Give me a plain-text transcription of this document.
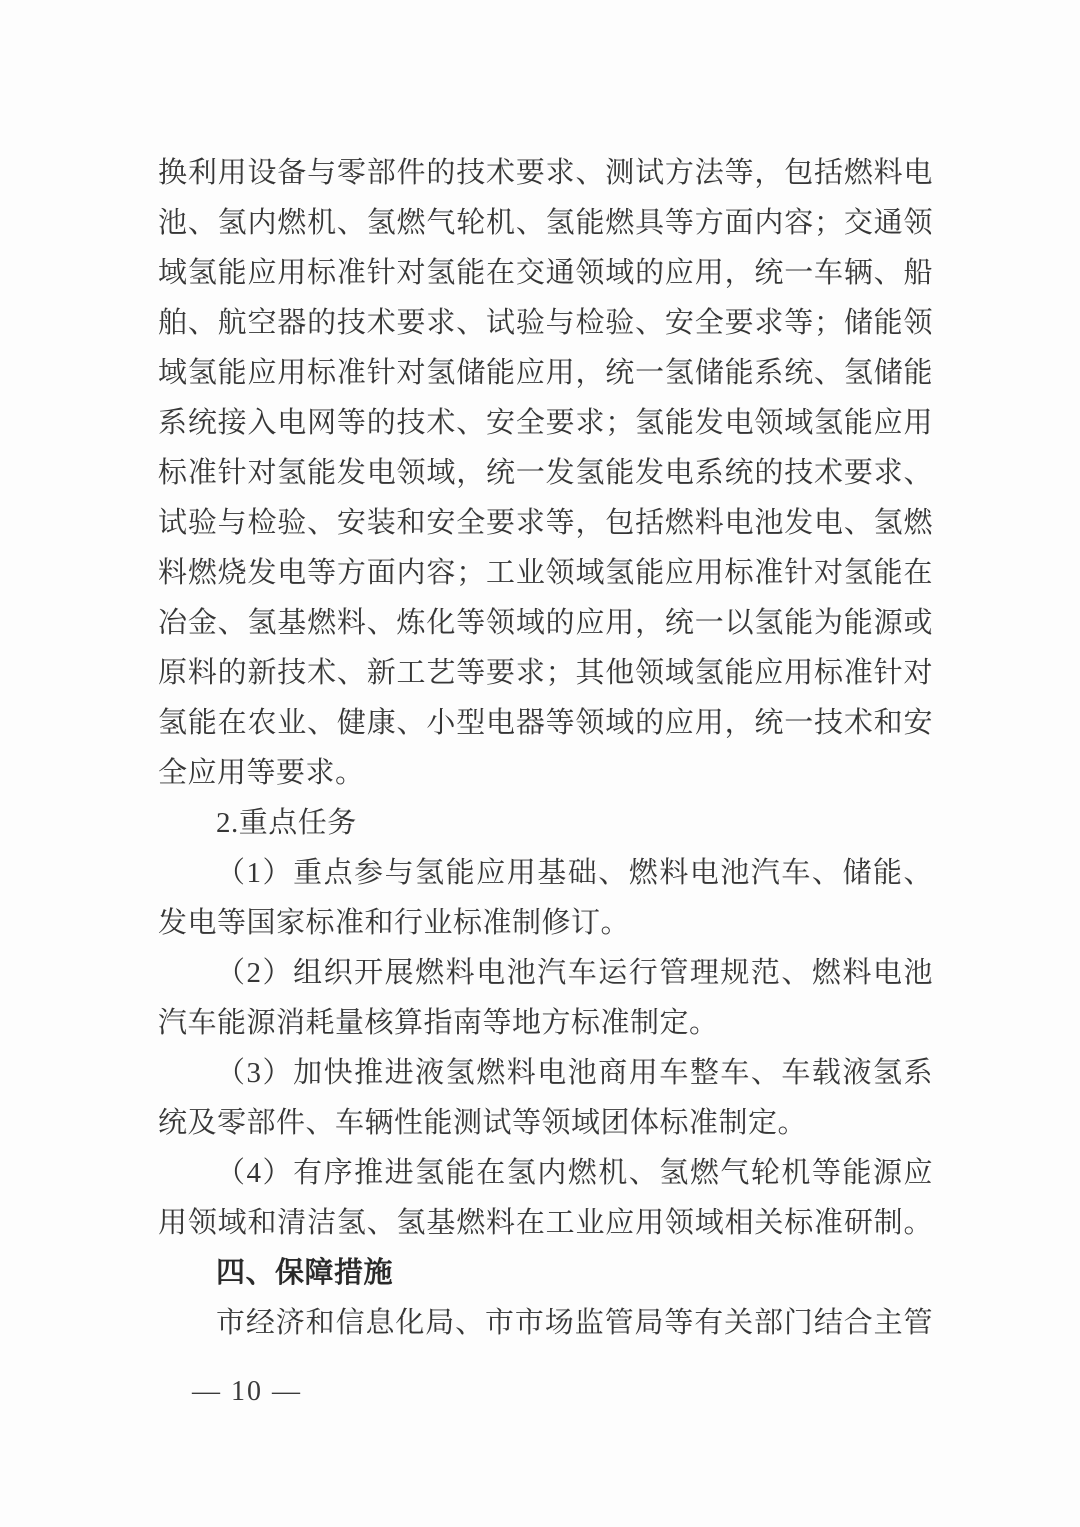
换利用设备与零部件的技术要求、测试方法等，包括燃料电
池、氢内燃机、氢燃气轮机、氢能燃具等方面内容；交通领
域氢能应用标准针对氢能在交通领域的应用，统一车辆、船
舶、航空器的技术要求、试验与检验、安全要求等；储能领
域氢能应用标准针对氢储能应用，统一氢储能系统、氢储能
系统接入电网等的技术、安全要求；氢能发电领域氢能应用
标准针对氢能发电领域，统一发氢能发电系统的技术要求、
试验与检验、安装和安全要求等，包括燃料电池发电、氢燃
料燃烧发电等方面内容；工业领域氢能应用标准针对氢能在
冶金、氢基燃料、炼化等领域的应用，统一以氢能为能源或
原料的新技术、新工艺等要求；其他领域氢能应用标准针对
氢能在农业、健康、小型电器等领域的应用，统一技术和安
全应用等要求。
2.重点任务
（1）重点参与氢能应用基础、燃料电池汽车、储能、
发电等国家标准和行业标准制修订。
（2）组织开展燃料电池汽车运行管理规范、燃料电池
汽车能源消耗量核算指南等地方标准制定。
（3）加快推进液氢燃料电池商用车整车、车载液氢系
统及零部件、车辆性能测试等领域团体标准制定。
（4）有序推进氢能在氢内燃机、氢燃气轮机等能源应
用领域和清洁氢、氢基燃料在工业应用领域相关标准研制。
四、保障措施
市经济和信息化局、市市场监管局等有关部门结合主管
— 10 —
